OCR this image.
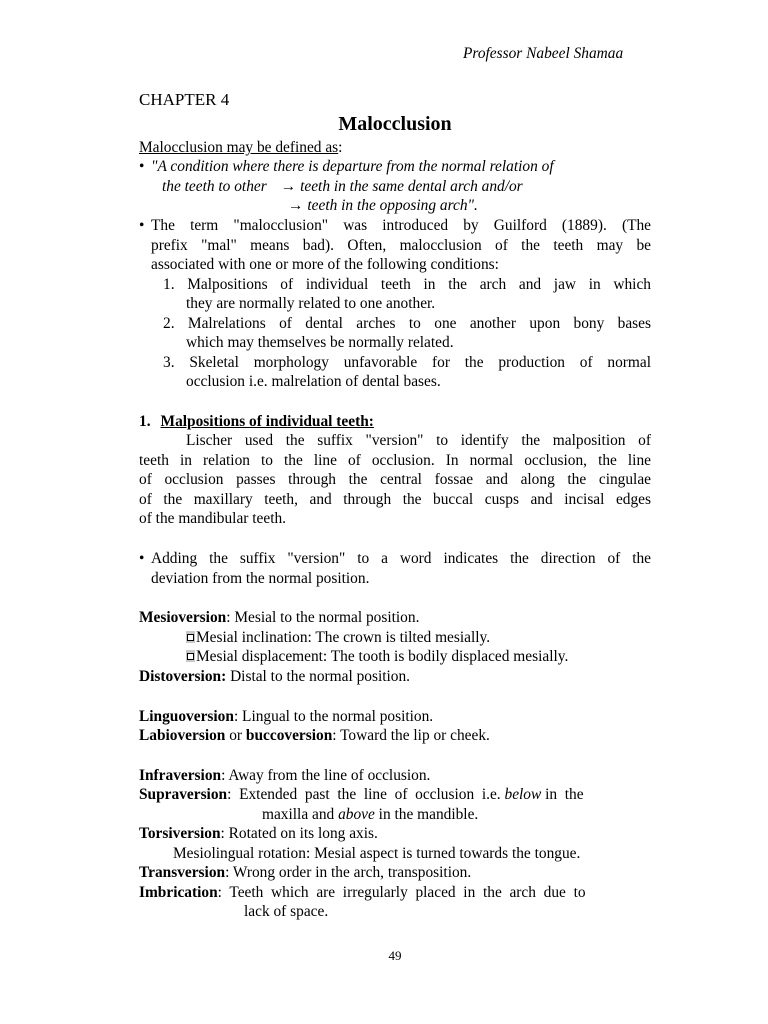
Professor Nabeel Shamaa
CHAPTER 4
Malocclusion
Malocclusion may be defined as:
• "A condition where there is departure from the normal relation of
the teeth to other → teeth in the same dental arch and/or
→ teeth in the opposing arch".
• The term "malocclusion" was introduced by Guilford (1889). (The
prefix "mal" means bad). Often, malocclusion of the teeth may be
associated with one or more of the following conditions:
1. Malpositions of individual teeth in the arch and jaw in which
they are normally related to one another.
2. Malrelations of dental arches to one another upon bony bases
which may themselves be normally related.
3. Skeletal morphology unfavorable for the production of normal
occlusion i.e. malrelation of dental bases.
1. Malpositions of individual teeth:
Lischer used the suffix "version" to identify the malposition of
teeth in relation to the line of occlusion. In normal occlusion, the line
of occlusion passes through the central fossae and along the cingulae
of the maxillary teeth, and through the buccal cusps and incisal edges
of the mandibular teeth.
• Adding the suffix "version" to a word indicates the direction of the
deviation from the normal position.
Mesioversion: Mesial to the normal position.
Mesial inclination: The crown is tilted mesially.
Mesial displacement: The tooth is bodily displaced mesially.
Distoversion: Distal to the normal position.
Linguoversion: Lingual to the normal position.
Labioversion or buccoversion: Toward the lip or cheek.
Infraversion: Away from the line of occlusion.
Supraversion:  Extended  past  the  line  of  occlusion  i.e. below in  the
maxilla and above in the mandible.
Torsiversion: Rotated on its long axis.
Mesiolingual rotation: Mesial aspect is turned towards the tongue.
Transversion: Wrong order in the arch, transposition.
Imbrication:  Teeth  which  are  irregularly  placed  in  the  arch  due  to
lack of space.
49
